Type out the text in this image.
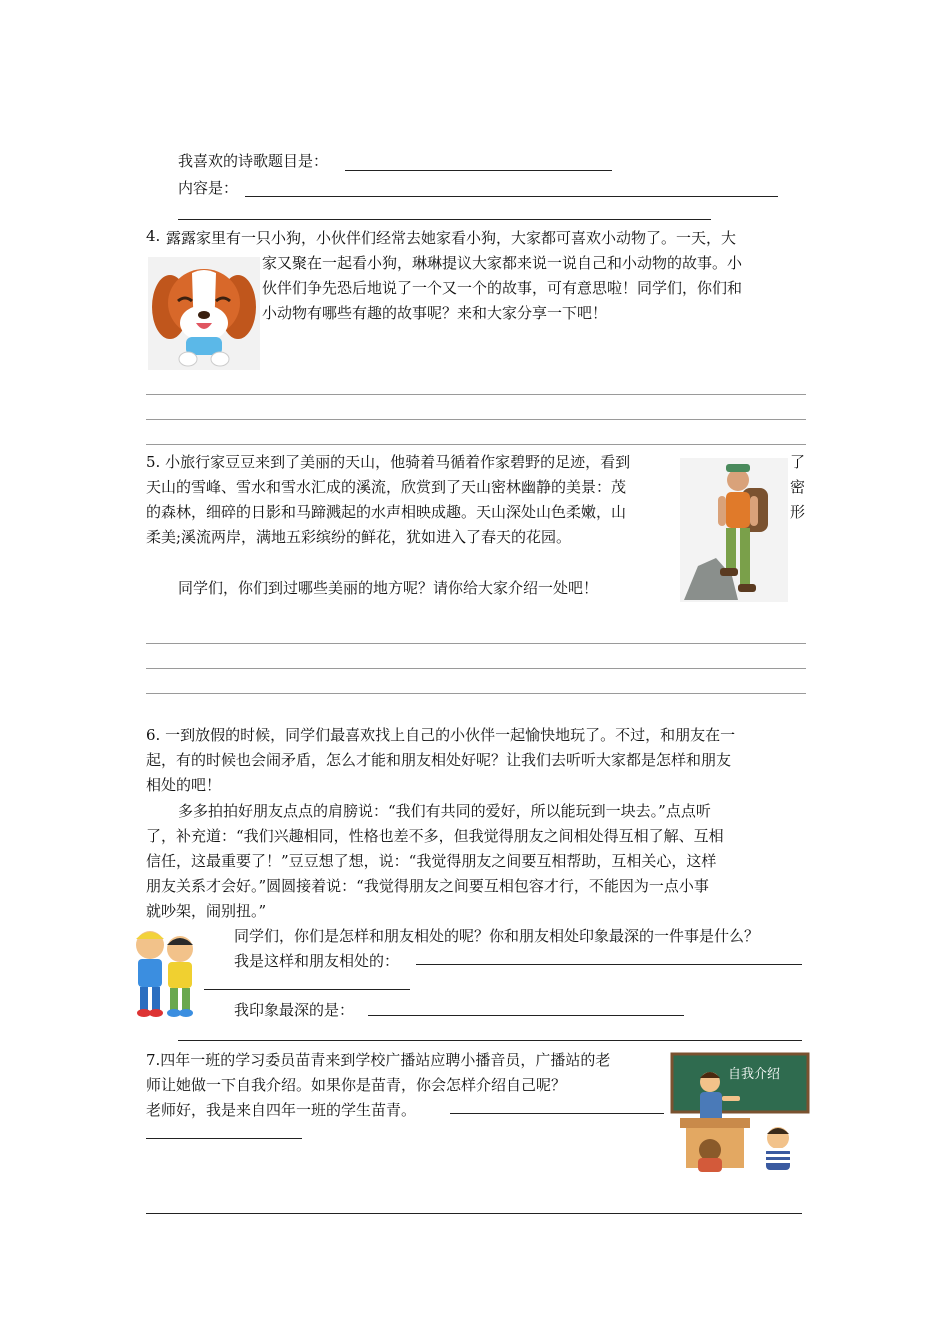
我喜欢的诗歌题目是：
内容是：
4. 露露家里有一只小狗，小伙伴们经常去她家看小狗，大家都可喜欢小动物了。一天，大
家又聚在一起看小狗，琳琳提议大家都来说一说自己和小动物的故事。小
伙伴们争先恐后地说了一个又一个的故事，可有意思啦！同学们，你们和
小动物有哪些有趣的故事呢？来和大家分享一下吧！
5. 小旅行家豆豆来到了美丽的天山，他骑着马循着作家碧野的足迹，看到
天山的雪峰、雪水和雪水汇成的溪流，欣赏到了天山密林幽静的美景：茂
的森林，细碎的日影和马蹄溅起的水声相映成趣。天山深处山色柔嫩，山
柔美;溪流两岸，满地五彩缤纷的鲜花，犹如进入了春天的花园。
了
密
形
同学们，你们到过哪些美丽的地方呢？请你给大家介绍一处吧！
6. 一到放假的时候，同学们最喜欢找上自己的小伙伴一起愉快地玩了。不过，和朋友在一
起，有的时候也会闹矛盾，怎么才能和朋友相处好呢？让我们去听听大家都是怎样和朋友
相处的吧！
多多拍拍好朋友点点的肩膀说：“我们有共同的爱好，所以能玩到一块去。”点点听
了，补充道：“我们兴趣相同，性格也差不多，但我觉得朋友之间相处得互相了解、互相
信任，这最重要了！”豆豆想了想，说：“我觉得朋友之间要互相帮助，互相关心，这样
朋友关系才会好。”圆圆接着说：“我觉得朋友之间要互相包容才行，不能因为一点小事
就吵架，闹别扭。”
同学们，你们是怎样和朋友相处的呢？你和朋友相处印象最深的一件事是什么？
我是这样和朋友相处的：
我印象最深的是：
7.四年一班的学习委员苗青来到学校广播站应聘小播音员，广播站的老
师让她做一下自我介绍。如果你是苗青，你会怎样介绍自己呢？
老师好，我是来自四年一班的学生苗青。
自我介绍
